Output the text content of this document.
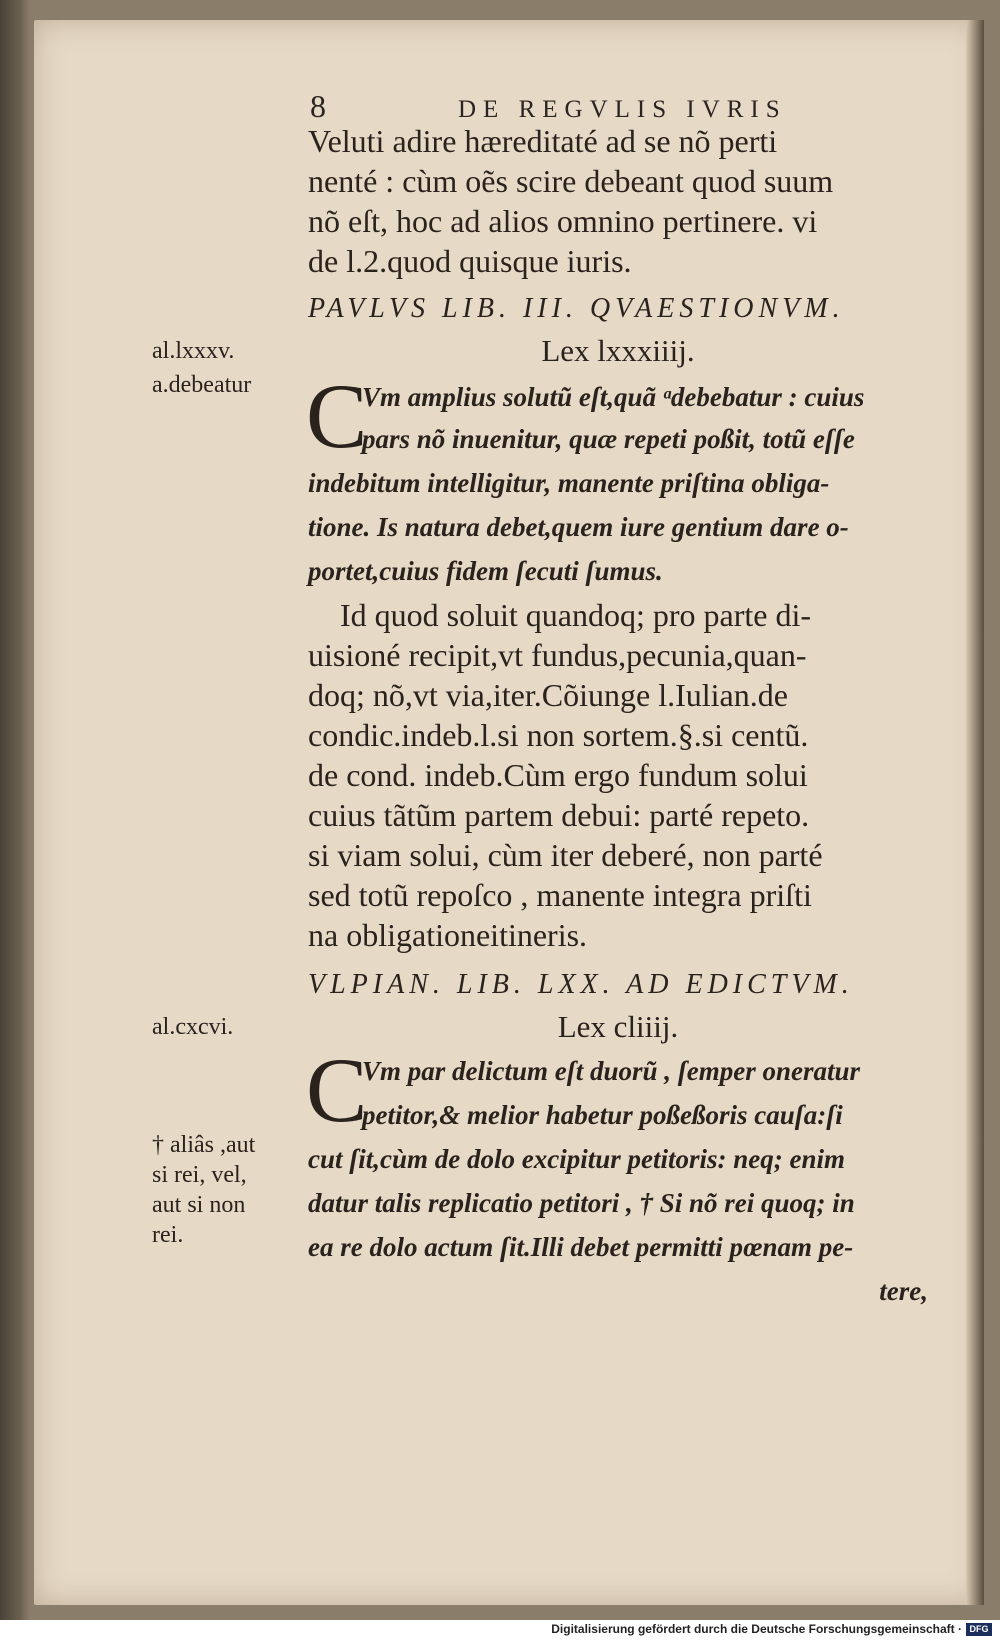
8	DE REGVLIS IVRIS
Veluti adire hæreditaté ad se nõ perti
nenté : cùm oẽs scire debeant quod suum
nõ eſt, hoc ad alios omnino pertinere. vi
de l.2.quod quisque iuris.
PAVLVS LIB. III. QVAESTIONVM.
Lex lxxxiiij.
al.lxxxv.
a.debeatur C
Vm amplius solutũ eſt,quã ᵃdebebatur : cuius
pars nõ inuenitur, quæ repeti poßit, totũ eſſe
indebitum intelligitur, manente priſtina obliga-
tione. Is natura debet,quem iure gentium dare o-
portet,cuius fidem ſecuti ſumus.
Id quod soluit quandoq; pro parte di-
uisioné recipit,vt fundus,pecunia,quan-
doq; nõ,vt via,iter.Cõiunge l.Iulian.de
condic.indeb.l.si non sortem.§.si centũ.
de cond. indeb.Cùm ergo fundum solui
cuius tãtũm partem debui: parté repeto.
si viam solui, cùm iter deberé, non parté
sed totũ repoſco , manente integra priſti
na obligationeitineris.
VLPIAN. LIB. LXX. AD EDICTVM.
Lex cliiij.
al.cxcvi.
C
Vm par delictum eſt duorũ , ſemper oneratur
petitor,& melior habetur poßeßoris cauſa:ſi
† aliâs ,aut
si rei, vel,
aut si non
rei.
cut ſit,cùm de dolo excipitur petitoris: neq; enim
datur talis replicatio petitori , † Si nõ rei quoq; in
ea re dolo actum ſit.Illi debet permitti pœnam pe-
tere,
Digitalisierung gefördert durch die Deutsche Forschungsgemeinschaft · DFG
